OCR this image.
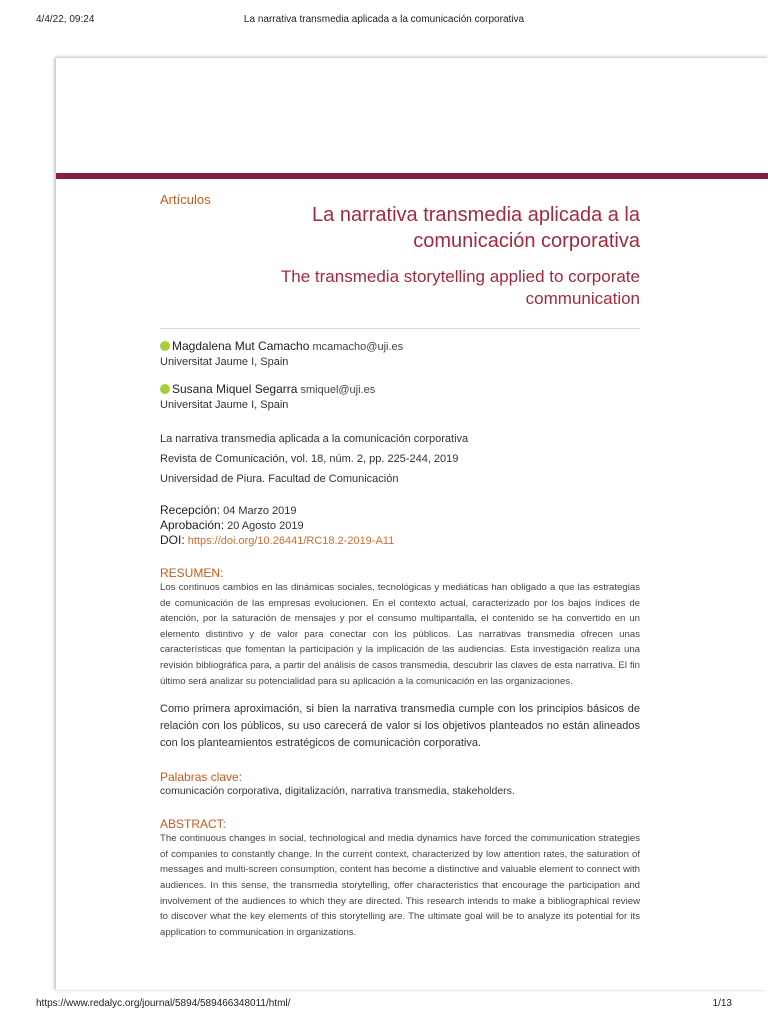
4/4/22, 09:24	La narrativa transmedia aplicada a la comunicación corporativa
Artículos
La narrativa transmedia aplicada a la
comunicación corporativa
The transmedia storytelling applied to corporate
communication
Magdalena Mut Camacho mcamacho@uji.es
Universitat Jaume I, Spain
Susana Miquel Segarra smiquel@uji.es
Universitat Jaume I, Spain
La narrativa transmedia aplicada a la comunicación corporativa
Revista de Comunicación, vol. 18, núm. 2, pp. 225-244, 2019
Universidad de Piura. Facultad de Comunicación
Recepción: 04 Marzo 2019
Aprobación: 20 Agosto 2019
DOI: https://doi.org/10.26441/RC18.2-2019-A11
RESUMEN:

Los continuos cambios en las dinámicas sociales, tecnológicas y mediáticas han obligado a que las estrategias de comunicación de las empresas evolucionen. En el contexto actual, caracterizado por los bajos índices de atención, por la saturación de mensajes y por el consumo multipantalla, el contenido se ha convertido en un elemento distintivo y de valor para conectar con los públicos. Las narrativas transmedia ofrecen unas características que fomentan la participación y la implicación de las audiencias. Esta investigación realiza una revisión bibliográfica para, a partir del análisis de casos transmedia, descubrir las claves de esta narrativa. El fin último será analizar su potencialidad para su aplicación a la comunicación en las organizaciones.

Como primera aproximación, si bien la narrativa transmedia cumple con los principios básicos de relación con los públicos, su uso carecerá de valor si los objetivos planteados no están alineados con los planteamientos estratégicos de comunicación corporativa.

Palabras clave:
comunicación corporativa, digitalización, narrativa transmedia, stakeholders.
ABSTRACT:

The continuous changes in social, technological and media dynamics have forced the communication strategies of companies to constantly change. In the current context, characterized by low attention rates, the saturation of messages and multi-screen consumption, content has become a distinctive and valuable element to connect with audiences. In this sense, the transmedia storytelling, offer characteristics that encourage the participation and involvement of the audiences to which they are directed. This research intends to make a bibliographical review to discover what the key elements of this storytelling are. The ultimate goal will be to analyze its potential for its application to communication in organizations.

https://www.redalyc.org/journal/5894/589466348011/html/	1/13
